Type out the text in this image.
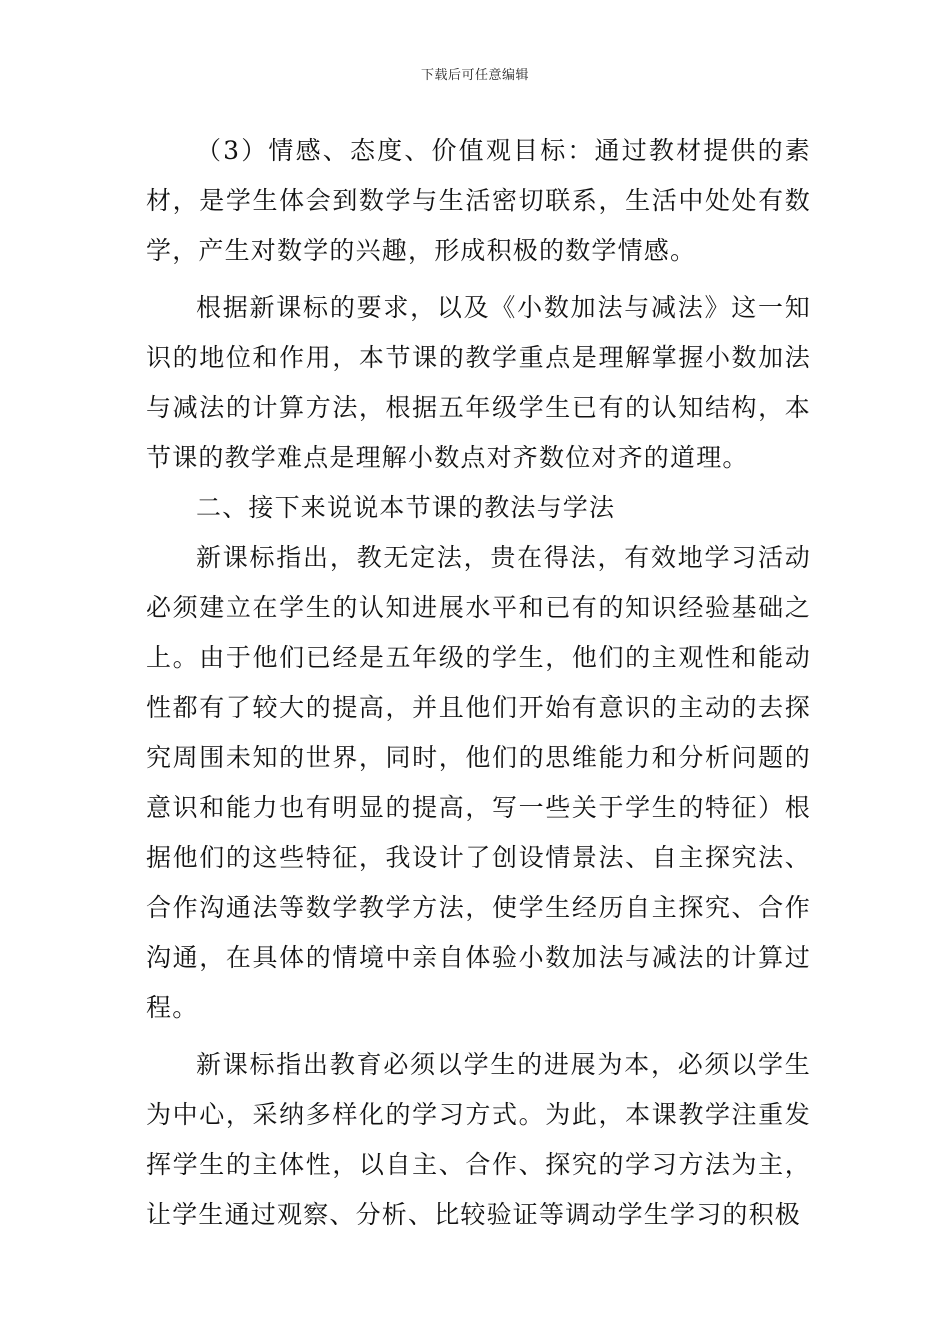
下载后可任意编辑

（3）情感、态度、价值观目标：通过教材提供的素材，是学生体会到数学与生活密切联系，生活中处处有数学，产生对数学的兴趣，形成积极的数学情感。

根据新课标的要求，以及《小数加法与减法》这一知识的地位和作用，本节课的教学重点是理解掌握小数加法与减法的计算方法，根据五年级学生已有的认知结构，本节课的教学难点是理解小数点对齐数位对齐的道理。

二、接下来说说本节课的教法与学法

新课标指出，教无定法，贵在得法，有效地学习活动必须建立在学生的认知进展水平和已有的知识经验基础之上。由于他们已经是五年级的学生，他们的主观性和能动性都有了较大的提高，并且他们开始有意识的主动的去探究周围未知的世界，同时，他们的思维能力和分析问题的意识和能力也有明显的提高，写一些关于学生的特征）根据他们的这些特征，我设计了创设情景法、自主探究法、合作沟通法等数学教学方法，使学生经历自主探究、合作沟通，在具体的情境中亲自体验小数加法与减法的计算过程。

新课标指出教育必须以学生的进展为本，必须以学生为中心，采纳多样化的学习方式。为此，本课教学注重发挥学生的主体性，以自主、合作、探究的学习方法为主，让学生通过观察、分析、比较验证等调动学生学习的积极
